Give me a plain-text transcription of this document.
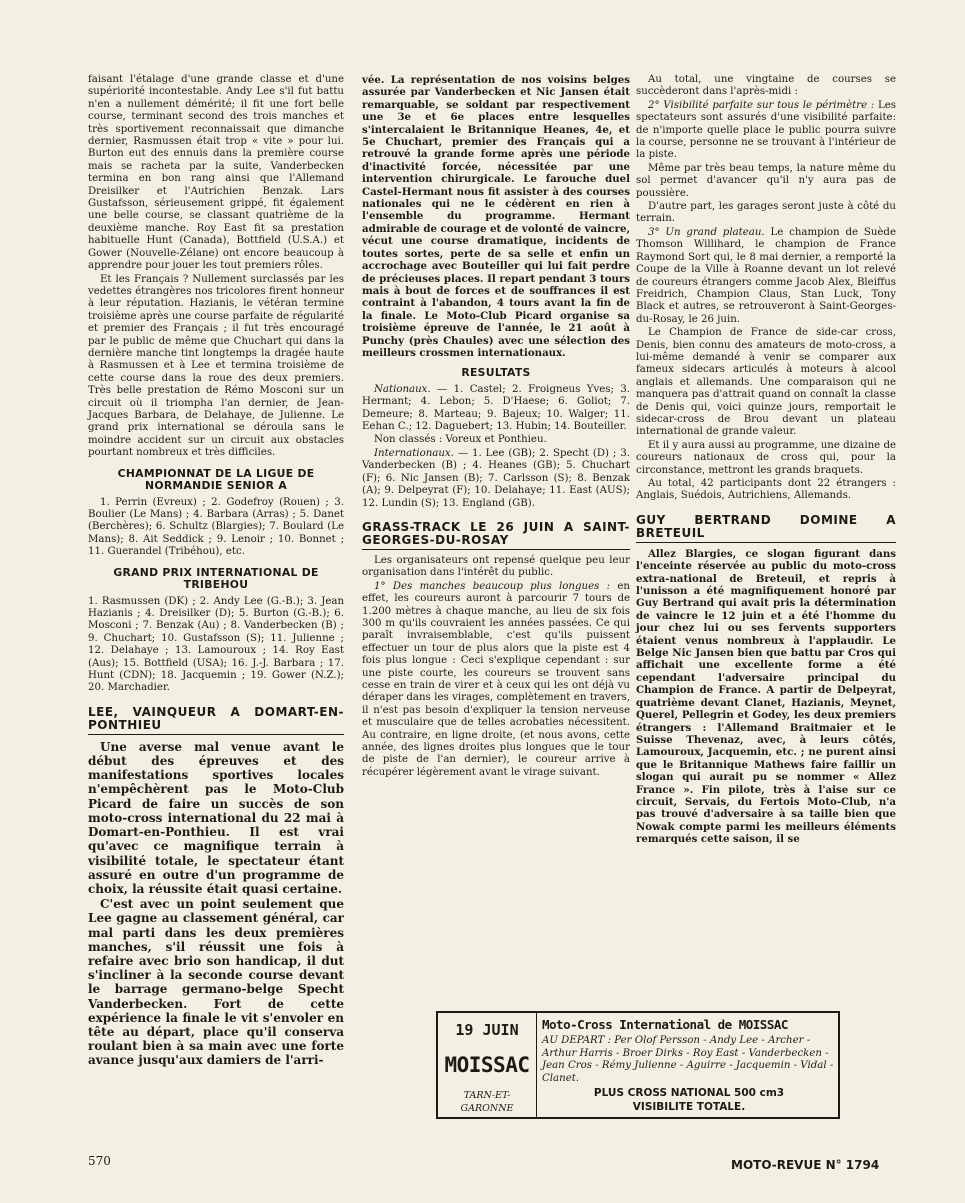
faisant l'étalage d'une grande classe et d'une supériorité incontestable. Andy Lee s'il fut battu n'en a nullement démérité; il fit une fort belle course, terminant second des trois manches et très sportivement reconnaissait que dimanche dernier, Rasmussen était trop « vite » pour lui. Burton eut des ennuis dans la première course mais se racheta par la suite, Vanderbecken termina en bon rang ainsi que l'Allemand Dreisilker et l'Autrichien Benzak. Lars Gustafsson, sérieusement grippé, fit également une belle course, se classant quatrième de la deuxième manche. Roy East fit sa prestation habituelle Hunt (Canada), Bottfield (U.S.A.) et Gower (Nouvelle-Zélane) ont encore beaucoup à apprendre pour jouer les tout premiers rôles.

Et les Français ? Nullement surclassés par les vedettes étrangères nos tricolores firent honneur à leur réputation. Hazianis, le vétéran termine troisième après une course parfaite de régularité et premier des Français ; il fut très encouragé par le public de même que Chuchart qui dans la dernière manche tint longtemps la dragée haute à Rasmussen et à Lee et termina troisième de cette course dans la roue des deux premiers. Très belle prestation de Rémo Mosconi sur un circuit où il triompha l'an dernier, de Jean-Jacques Barbara, de Delahaye, de Julienne. Le grand prix international se déroula sans le moindre accident sur un circuit aux obstacles pourtant nombreux et très difficiles.

CHAMPIONNAT DE LA LIGUE DE NORMANDIE SENIOR A

1. Perrin (Evreux) ; 2. Godefroy (Rouen) ; 3. Boulier (Le Mans) ; 4. Barbara (Arras) ; 5. Danet (Berchères); 6. Schultz (Blargies); 7. Boulard (Le Mans); 8. Ait Seddick ; 9. Lenoir ; 10. Bonnet ; 11. Guerandel (Tribéhou), etc.

GRAND PRIX INTERNATIONAL DE TRIBEHOU

1. Rasmussen (DK) ; 2. Andy Lee (G.-B.); 3. Jean Hazianis ; 4. Dreisilker (D); 5. Burton (G.-B.); 6. Mosconi ; 7. Benzak (Au) ; 8. Vanderbecken (B) ; 9. Chuchart; 10. Gustafsson (S); 11. Julienne ; 12. Delahaye ; 13. Lamouroux ; 14. Roy East (Aus); 15. Bottfield (USA); 16. J.-J. Barbara ; 17. Hunt (CDN); 18. Jacquemin ; 19. Gower (N.Z.); 20. Marchadier.

LEE, VAINQUEUR A DOMART-EN-PONTHIEU

Une averse mal venue avant le début des épreuves et des manifestations sportives locales n'empêchèrent pas le Moto-Club Picard de faire un succès de son moto-cross international du 22 mai à Domart-en-Ponthieu. Il est vrai qu'avec ce magnifique terrain à visibilité totale, le spectateur étant assuré en outre d'un programme de choix, la réussite était quasi certaine.

C'est avec un point seulement que Lee gagne au classement général, car mal parti dans les deux premières manches, s'il réussit une fois à refaire avec brio son handicap, il dut s'incliner à la seconde course devant le barrage germano-belge Specht Vanderbecken. Fort de cette expérience la finale le vit s'envoler en tête au départ, place qu'il conserva roulant bien à sa main avec une forte avance jusqu'aux damiers de l'arri-

vée. La représentation de nos voisins belges assurée par Vanderbecken et Nic Jansen était remarquable, se soldant par respectivement une 3e et 6e places entre lesquelles s'intercalaient le Britannique Heanes, 4e, et 5e Chuchart, premier des Français qui a retrouvé la grande forme après une période d'inactivité forcée, nécessitée par une intervention chirurgicale. Le farouche duel Castel-Hermant nous fit assister à des courses nationales qui ne le cédèrent en rien à l'ensemble du programme. Hermant admirable de courage et de volonté de vaincre, vécut une course dramatique, incidents de toutes sortes, perte de sa selle et enfin un accrochage avec Bouteiller qui lui fait perdre de précieuses places. Il repart pendant 3 tours mais à bout de forces et de souffrances il est contraint à l'abandon, 4 tours avant la fin de la finale. Le Moto-Club Picard organise sa troisième épreuve de l'année, le 21 août à Punchy (près Chaules) avec une sélection des meilleurs crossmen internationaux.

RESULTATS

Nationaux. — 1. Castel; 2. Froigneus Yves; 3. Hermant; 4. Lebon; 5. D'Haese; 6. Goliot; 7. Demeure; 8. Marteau; 9. Bajeux; 10. Walger; 11. Eehan C.; 12. Daguebert; 13. Hubin; 14. Bouteiller.

Non classés : Voreux et Ponthieu.

Internationaux. — 1. Lee (GB); 2. Specht (D) ; 3. Vanderbecken (B) ; 4. Heanes (GB); 5. Chuchart (F); 6. Nic Jansen (B); 7. Carlsson (S); 8. Benzak (A); 9. Delpeyrat (F); 10. Delahaye; 11. East (AUS); 12. Lundin (S); 13. England (GB).

GRASS-TRACK LE 26 JUIN A SAINT-GEORGES-DU-ROSAY

Les organisateurs ont repensé quelque peu leur organisation dans l'intérêt du public.

1° Des manches beaucoup plus longues : en effet, les coureurs auront à parcourir 7 tours de 1.200 mètres à chaque manche, au lieu de six fois 300 m qu'ils couvraient les années passées. Ce qui paraît invraisemblable, c'est qu'ils puissent effectuer un tour de plus alors que la piste est 4 fois plus longue : Ceci s'explique cependant : sur une piste courte, les coureurs se trouvent sans cesse en train de virer et à ceux qui les ont déjà vu déraper dans les virages, complètement en travers, il n'est pas besoin d'expliquer la tension nerveuse et musculaire que de telles acrobaties nécessitent. Au contraire, en ligne droite, (et nous avons, cette année, des lignes droites plus longues que le tour de piste de l'an dernier), le coureur arrive à récupérer légèrement avant le virage suivant.

Au total, une vingtaine de courses se succèderont dans l'après-midi :

2° Visibilité parfaite sur tous le périmètre : Les spectateurs sont assurés d'une visibilité parfaite: de n'importe quelle place le public pourra suivre la course, personne ne se trouvant à l'intérieur de la piste.

Même par très beau temps, la nature même du sol permet d'avancer qu'il n'y aura pas de poussière.

D'autre part, les garages seront juste à côté du terrain.

3° Un grand plateau. Le champion de Suède Thomson Willihard, le champion de France Raymond Sort qui, le 8 mai dernier, a remporté la Coupe de la Ville à Roanne devant un lot relevé de coureurs étrangers comme Jacob Alex, Bleiffus Freidrich, Champion Claus, Stan Luck, Tony Black et autres, se retrouveront à Saint-Georges-du-Rosay, le 26 juin.

Le Champion de France de side-car cross, Denis, bien connu des amateurs de moto-cross, a lui-même demandé à venir se comparer aux fameux sidecars articulés à moteurs à alcool anglais et allemands. Une comparaison qui ne manquera pas d'attrait quand on connaît la classe de Denis qui, voici quinze jours, remportait le sidecar-cross de Brou devant un plateau international de grande valeur.

Et il y aura aussi au programme, une dizaine de coureurs nationaux de cross qui, pour la circonstance, mettront les grands braquets.

Au total, 42 participants dont 22 étrangers : Anglais, Suédois, Autrichiens, Allemands.

GUY BERTRAND DOMINE A BRETEUIL

Allez Blargies, ce slogan figurant dans l'enceinte réservée au public du moto-cross extra-national de Breteuil, et repris à l'unisson a été magnifiquement honoré par Guy Bertrand qui avait pris la détermination de vaincre le 12 juin et a été l'homme du jour chez lui ou ses fervents supporters étaient venus nombreux à l'applaudir. Le Belge Nic Jansen bien que battu par Cros qui affichait une excellente forme a été cependant l'adversaire principal du Champion de France. A partir de Delpeyrat, quatrième devant Clanet, Hazianis, Meynet, Querel, Pellegrin et Godey, les deux premiers étrangers : l'Allemand Braitmaier et le Suisse Thevenaz, avec, à leurs côtés, Lamouroux, Jacquemin, etc. ; ne purent ainsi que le Britannique Mathews faire faillir un slogan qui aurait pu se nommer « Allez France ». Fin pilote, très à l'aise sur ce circuit, Servais, du Fertois Moto-Club, n'a pas trouvé d'adversaire à sa taille bien que Nowak compte parmi les meilleurs éléments remarqués cette saison, il se

19 JUIN
MOISSAC
TARN-ET-GARONNE
Moto-Cross International de MOISSAC
AU DEPART : Per Olof Persson - Andy Lee - Archer - Arthur Harris - Broer Dirks - Roy East - Vanderbecken - Jean Cros - Rémy Julienne - Aguirre - Jacquemin - Vidal - Clanet.
PLUS CROSS NATIONAL 500 cm3
VISIBILITE TOTALE.
570	MOTO-REVUE N° 1794
